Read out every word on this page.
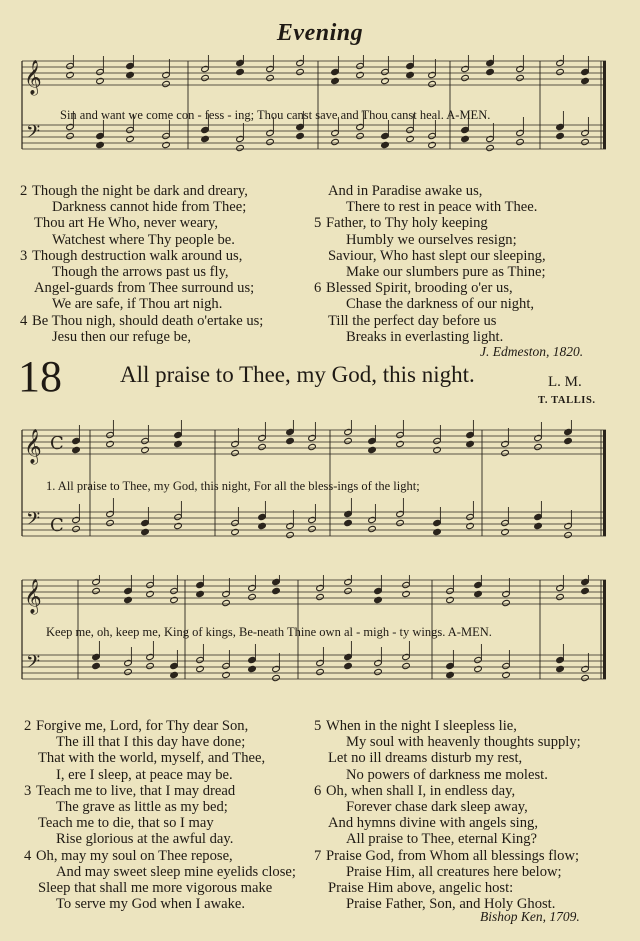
Evening
𝄞
𝄢
Sin and want we come con - fess - ing; Thou canst save and Thou canst heal. A-MEN.
2 Though the night be dark and dreary,
Darkness cannot hide from Thee;
Thou art He Who, never weary,
Watchest where Thy people be.
3 Though destruction walk around us,
Though the arrows past us fly,
Angel-guards from Thee surround us;
We are safe, if Thou art nigh.
4 Be Thou nigh, should death o'ertake us;
Jesu then our refuge be,
And in Paradise awake us,
There to rest in peace with Thee.
5 Father, to Thy holy keeping
Humbly we ourselves resign;
Saviour, Who hast slept our sleeping,
Make our slumbers pure as Thine;
6 Blessed Spirit, brooding o'er us,
Chase the darkness of our night,
Till the perfect day before us
Breaks in everlasting light.
J. Edmeston, 1820.
18	All praise to Thee, my God, this night.	L. M.
T. TALLIS.
𝄞
𝄢
C
C
1. All praise to Thee, my God, this night, For all the bless-ings of the light;
𝄞
𝄢
Keep me, oh, keep me, King of kings, Be-neath Thine own al - migh - ty wings. A-MEN.
2 Forgive me, Lord, for Thy dear Son,
The ill that I this day have done;
That with the world, myself, and Thee,
I, ere I sleep, at peace may be.
3 Teach me to live, that I may dread
The grave as little as my bed;
Teach me to die, that so I may
Rise glorious at the awful day.
4 Oh, may my soul on Thee repose,
And may sweet sleep mine eyelids close;
Sleep that shall me more vigorous make
To serve my God when I awake.
5 When in the night I sleepless lie,
My soul with heavenly thoughts supply;
Let no ill dreams disturb my rest,
No powers of darkness me molest.
6 Oh, when shall I, in endless day,
Forever chase dark sleep away,
And hymns divine with angels sing,
All praise to Thee, eternal King?
7 Praise God, from Whom all blessings flow;
Praise Him, all creatures here below;
Praise Him above, angelic host:
Praise Father, Son, and Holy Ghost.
Bishop Ken, 1709.
